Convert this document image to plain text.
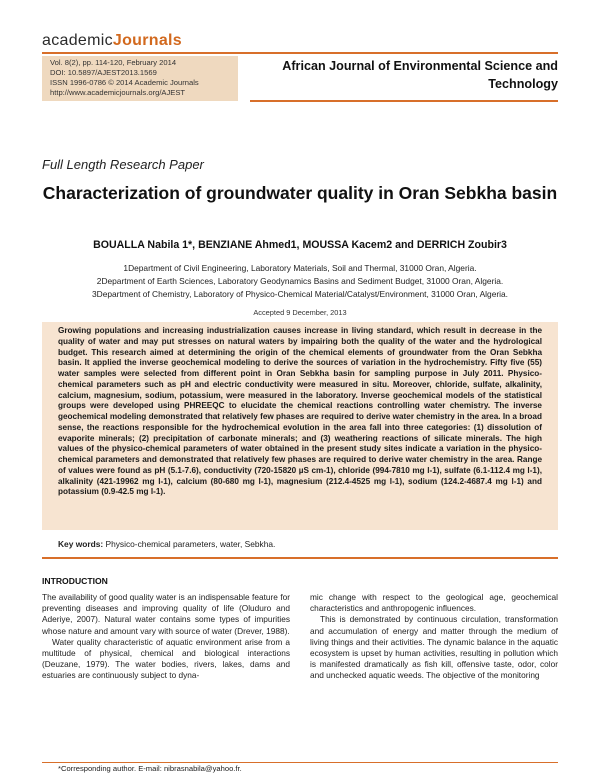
academicJournals
Vol. 8(2), pp. 114-120, February 2014
DOI: 10.5897/AJEST2013.1569
ISSN 1996-0786 © 2014 Academic Journals
http://www.academicjournals.org/AJEST
African Journal of Environmental Science and Technology
Full Length Research Paper
Characterization of groundwater quality in Oran Sebkha basin
BOUALLA Nabila 1*, BENZIANE Ahmed1, MOUSSA Kacem2 and DERRICH Zoubir3
1Department of Civil Engineering, Laboratory Materials, Soil and Thermal, 31000 Oran, Algeria.
2Department of Earth Sciences, Laboratory Geodynamics Basins and Sediment Budget, 31000 Oran, Algeria.
3Department of Chemistry, Laboratory of Physico-Chemical Material/Catalyst/Environment, 31000 Oran, Algeria.
Accepted 9 December, 2013
Growing populations and increasing industrialization causes increase in living standard, which result in decrease in the quality of water and may put stresses on natural waters by impairing both the quality of the water and the hydrological budget. This research aimed at determining the origin of the chemical elements of groundwater from the Oran Sebkha basin. It applied the inverse geochemical modeling to derive the sources of variation in the hydrochemistry. Fifty five (55) water samples were selected from different point in Oran Sebkha basin for sampling purpose in July 2011. Physico-chemical parameters such as pH and electric conductivity were measured in situ. Moreover, chloride, sulfate, alkalinity, calcium, magnesium, sodium, potassium, were measured in the laboratory. Inverse geochemical models of the statistical groups were developed using PHREEQC to elucidate the chemical reactions controlling water chemistry. The inverse geochemical modeling demonstrated that relatively few phases are required to derive water chemistry in the area. In a broad sense, the reactions responsible for the hydrochemical evolution in the area fall into three categories: (1) dissolution of evaporite minerals; (2) precipitation of carbonate minerals; and (3) weathering reactions of silicate minerals. The high values of the physico-chemical parameters of water obtained in the present study sites indicate a variation in the physico-chemical parameters and demonstrated that relatively few phases are required to derive water chemistry in the area. Range of values were found as pH (5.1-7.6), conductivity (720-15820 µS cm-1), chloride (994-7810 mg l-1), sulfate (6.1-112.4 mg l-1), alkalinity (421-19962 mg l-1), calcium (80-680 mg l-1), magnesium (212.4-4525 mg l-1), sodium (124.2-4687.4 mg l-1) and potassium (0.9-42.5 mg l-1).
Key words: Physico-chemical parameters, water, Sebkha.
INTRODUCTION

The availability of good quality water is an indispensable feature for preventing diseases and improving quality of life (Oluduro and Aderiye, 2007). Natural water contains some types of impurities whose nature and amount vary with source of water (Drever, 1988).

Water quality characteristic of aquatic environment arise from a multitude of physical, chemical and biological interactions (Deuzane, 1979). The water bodies, rivers, lakes, dams and estuaries are continuously subject to dyna-

mic change with respect to the geological age, geochemical characteristics and anthropogenic influences.

This is demonstrated by continuous circulation, transformation and accumulation of energy and matter through the medium of living things and their activities. The dynamic balance in the aquatic ecosystem is upset by human activities, resulting in pollution which is manifested dramatically as fish kill, offensive taste, odor, color and unchecked aquatic weeds. The objective of the monitoring

*Corresponding author. E-mail: nibrasnabila@yahoo.fr.
